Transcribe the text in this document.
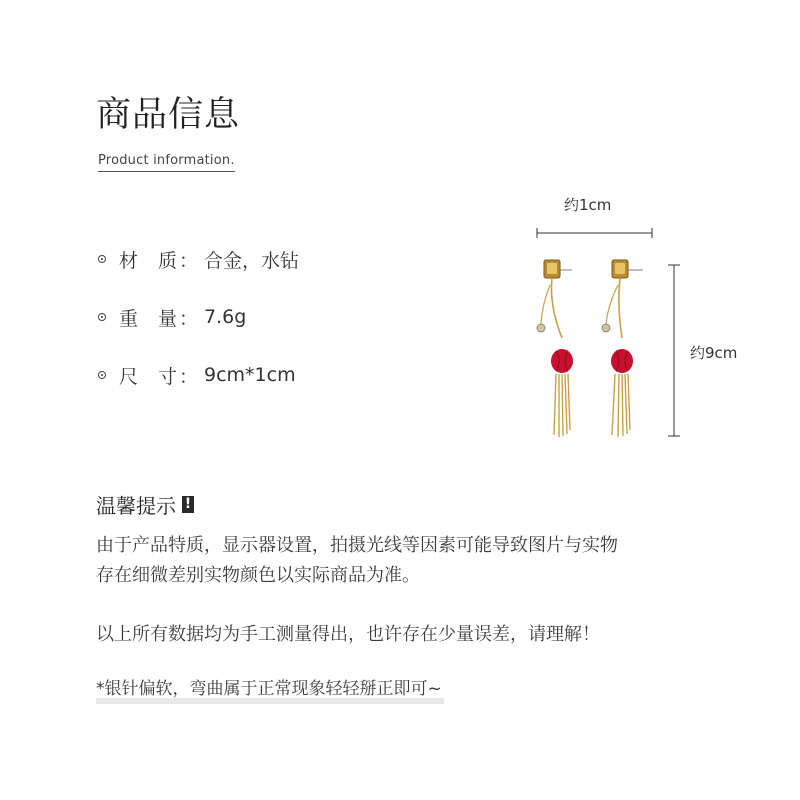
商品信息
Product information.
材 质 ： 合金，水钻
重 量 ： 7.6g
尺 寸 ： 9cm*1cm
约1cm
约9cm
温馨提示 !
由于产品特质，显示器设置，拍摄光线等因素可能导致图片与实物
存在细微差别实物颜色以实际商品为准。
以上所有数据均为手工测量得出，也许存在少量误差，请理解！
*银针偏软，弯曲属于正常现象轻轻掰正即可~
